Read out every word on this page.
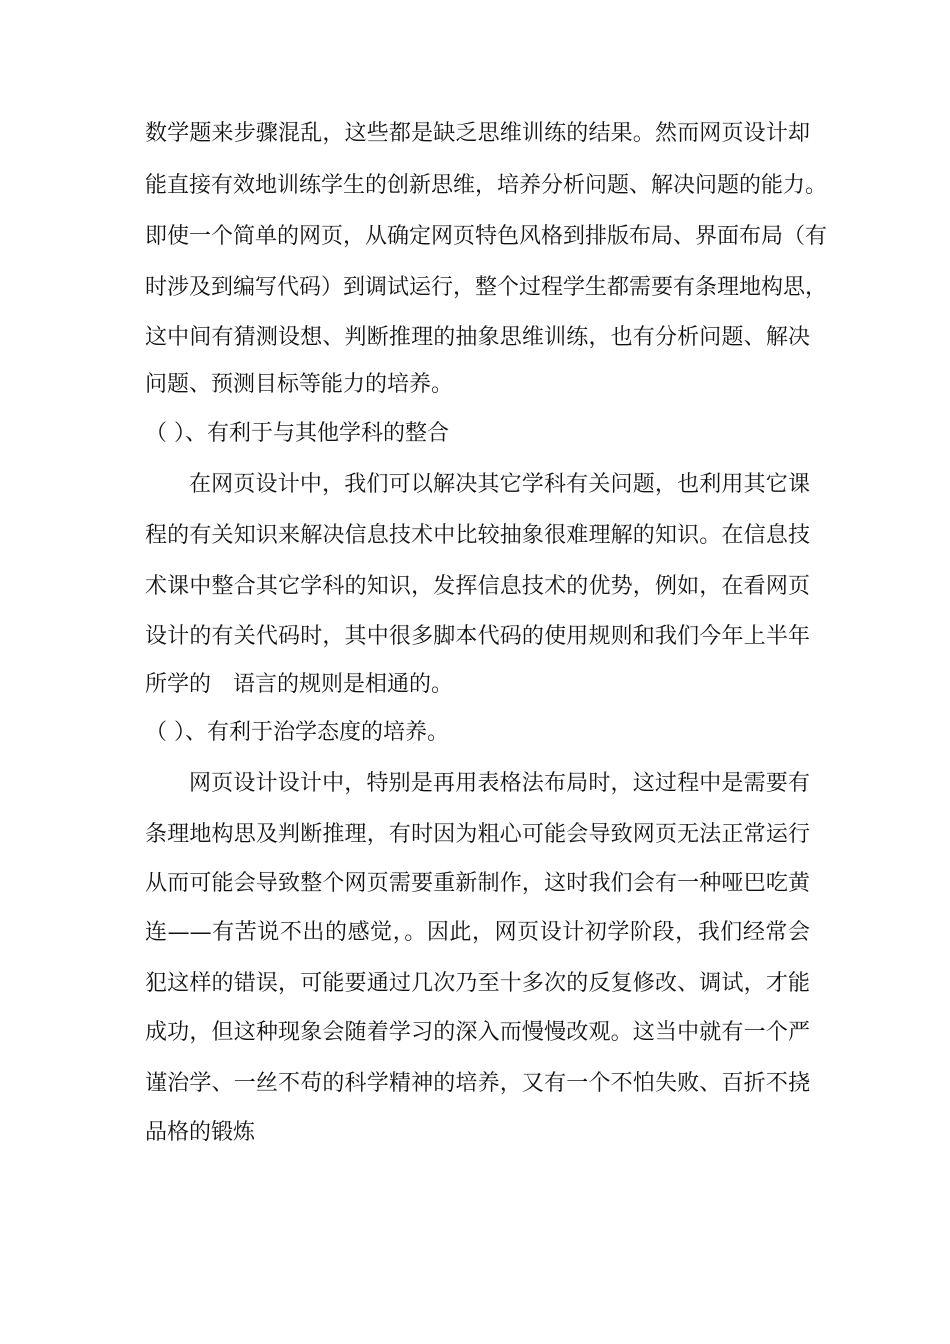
数学题来步骤混乱，这些都是缺乏思维训练的结果。然而网页设计却
能直接有效地训练学生的创新思维，培养分析问题、解决问题的能力。
即使一个简单的网页，从确定网页特色风格到排版布局、界面布局（有
时涉及到编写代码）到调试运行，整个过程学生都需要有条理地构思，
这中间有猜测设想、判断推理的抽象思维训练，也有分析问题、解决
问题、预测目标等能力的培养。
（ ）、有利于与其他学科的整合
在网页设计中，我们可以解决其它学科有关问题，也利用其它课
程的有关知识来解决信息技术中比较抽象很难理解的知识。在信息技
术课中整合其它学科的知识，发挥信息技术的优势，例如，在看网页
设计的有关代码时，其中很多脚本代码的使用规则和我们今年上半年
所学的　语言的规则是相通的。
（ ）、有利于治学态度的培养。
网页设计设计中，特别是再用表格法布局时，这过程中是需要有
条理地构思及判断推理，有时因为粗心可能会导致网页无法正常运行
从而可能会导致整个网页需要重新制作，这时我们会有一种哑巴吃黄
连——有苦说不出的感觉，。因此，网页设计初学阶段，我们经常会
犯这样的错误，可能要通过几次乃至十多次的反复修改、调试，才能
成功，但这种现象会随着学习的深入而慢慢改观。这当中就有一个严
谨治学、一丝不苟的科学精神的培养，又有一个不怕失败、百折不挠
品格的锻炼
